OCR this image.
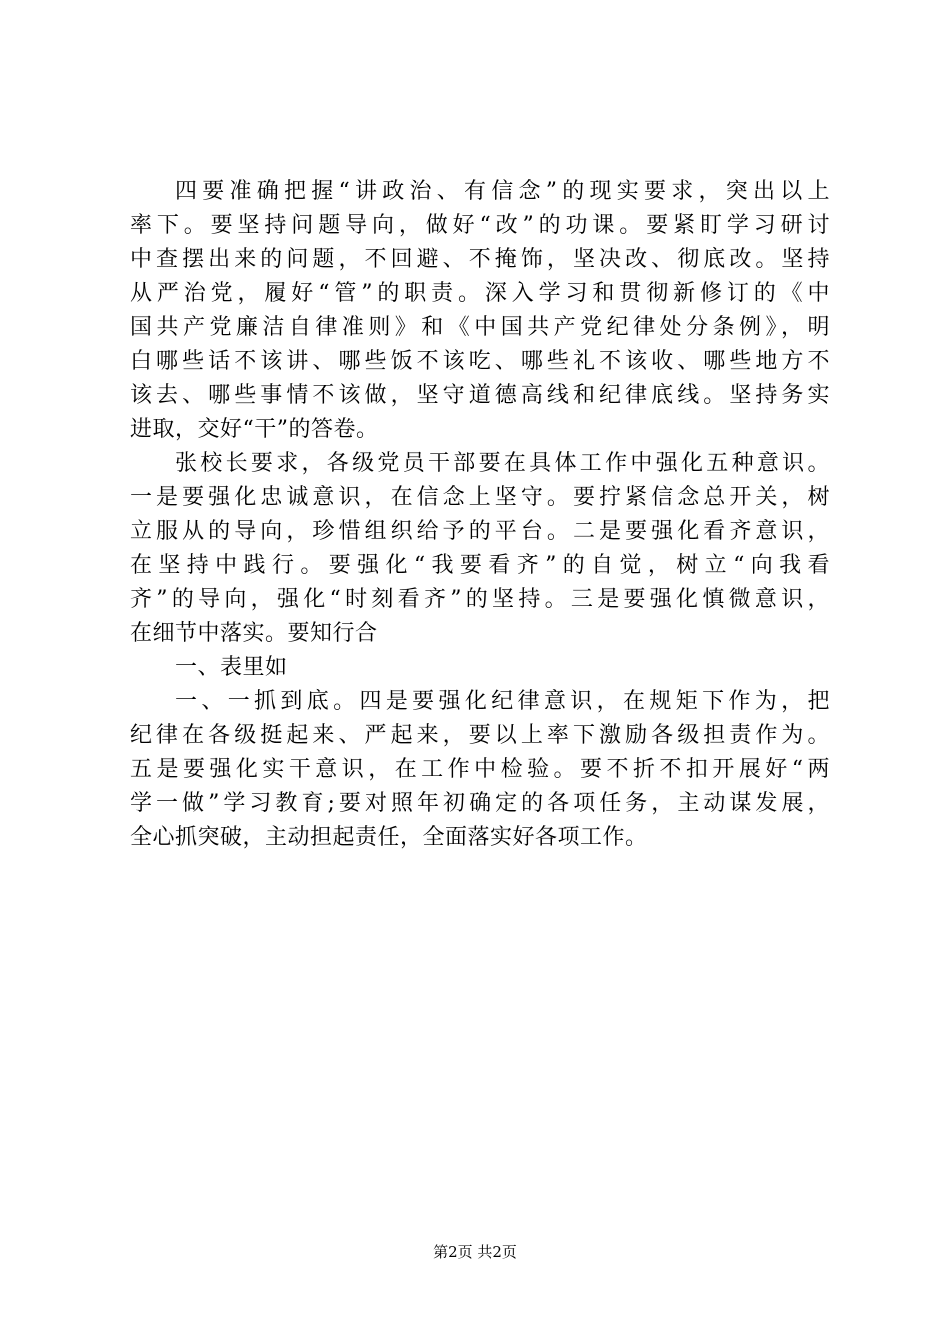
四要准确把握“讲政治、有信念”的现实要求，突出以上
率下。要坚持问题导向，做好“改”的功课。要紧盯学习研讨
中查摆出来的问题，不回避、不掩饰，坚决改、彻底改。坚持
从严治党，履好“管”的职责。深入学习和贯彻新修订的《中
国共产党廉洁自律准则》和《中国共产党纪律处分条例》，明
白哪些话不该讲、哪些饭不该吃、哪些礼不该收、哪些地方不
该去、哪些事情不该做，坚守道德高线和纪律底线。坚持务实
进取，交好“干”的答卷。
张校长要求，各级党员干部要在具体工作中强化五种意识。
一是要强化忠诚意识，在信念上坚守。要拧紧信念总开关，树
立服从的导向，珍惜组织给予的平台。二是要强化看齐意识，
在坚持中践行。要强化“我要看齐”的自觉，树立“向我看
齐”的导向，强化“时刻看齐”的坚持。三是要强化慎微意识，
在细节中落实。要知行合
一、表里如
一、一抓到底。四是要强化纪律意识，在规矩下作为，把
纪律在各级挺起来、严起来，要以上率下激励各级担责作为。
五是要强化实干意识，在工作中检验。要不折不扣开展好“两
学一做”学习教育;要对照年初确定的各项任务，主动谋发展，
全心抓突破，主动担起责任，全面落实好各项工作。
第2页 共2页
